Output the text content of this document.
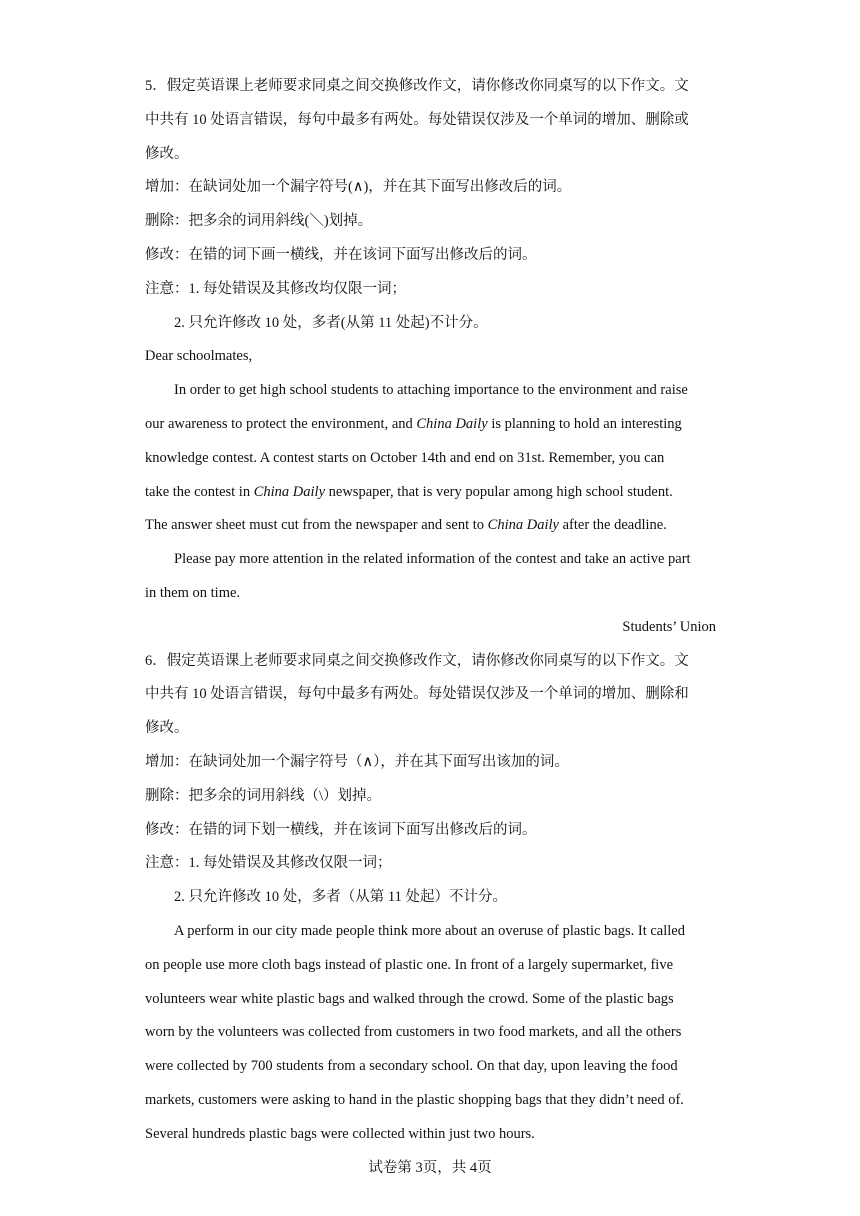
5．假定英语课上老师要求同桌之间交换修改作文，请你修改你同桌写的以下作文。文

中共有 10 处语言错误，每句中最多有两处。每处错误仅涉及一个单词的增加、删除或

修改。

增加：在缺词处加一个漏字符号(∧)，并在其下面写出修改后的词。

删除：把多余的词用斜线(＼)划掉。

修改：在错的词下画一横线，并在该词下面写出修改后的词。

注意：1. 每处错误及其修改均仅限一词；

2. 只允许修改 10 处，多者(从第 11 处起)不计分。

Dear schoolmates,

In order to get high school students to attaching importance to the environment and raise

our awareness to protect the environment, and China Daily is planning to hold an interesting

knowledge contest. A contest starts on October 14th and end on 31st. Remember, you can

take the contest in China Daily newspaper, that is very popular among high school student.

The answer sheet must cut from the newspaper and sent to China Daily after the deadline.

Please pay more attention in the related information of the contest and take an active part

in them on time.

Students’ Union

6．假定英语课上老师要求同桌之间交换修改作文，请你修改你同桌写的以下作文。文

中共有 10 处语言错误，每句中最多有两处。每处错误仅涉及一个单词的增加、删除和

修改。

增加：在缺词处加一个漏字符号（∧），并在其下面写出该加的词。

删除：把多余的词用斜线（\）划掉。

修改：在错的词下划一横线，并在该词下面写出修改后的词。

注意：1. 每处错误及其修改仅限一词；

2. 只允许修改 10 处，多者（从第 11 处起）不计分。

A perform in our city made people think more about an overuse of plastic bags. It called

on people use more cloth bags instead of plastic one. In front of a largely supermarket, five

volunteers wear white plastic bags and walked through the crowd. Some of the plastic bags

worn by the volunteers was collected from customers in two food markets, and all the others

were collected by 700 students from a secondary school. On that day, upon leaving the food

markets, customers were asking to hand in the plastic shopping bags that they didn’t need of.

Several hundreds plastic bags were collected within just two hours.

试卷第 3页，共 4页
